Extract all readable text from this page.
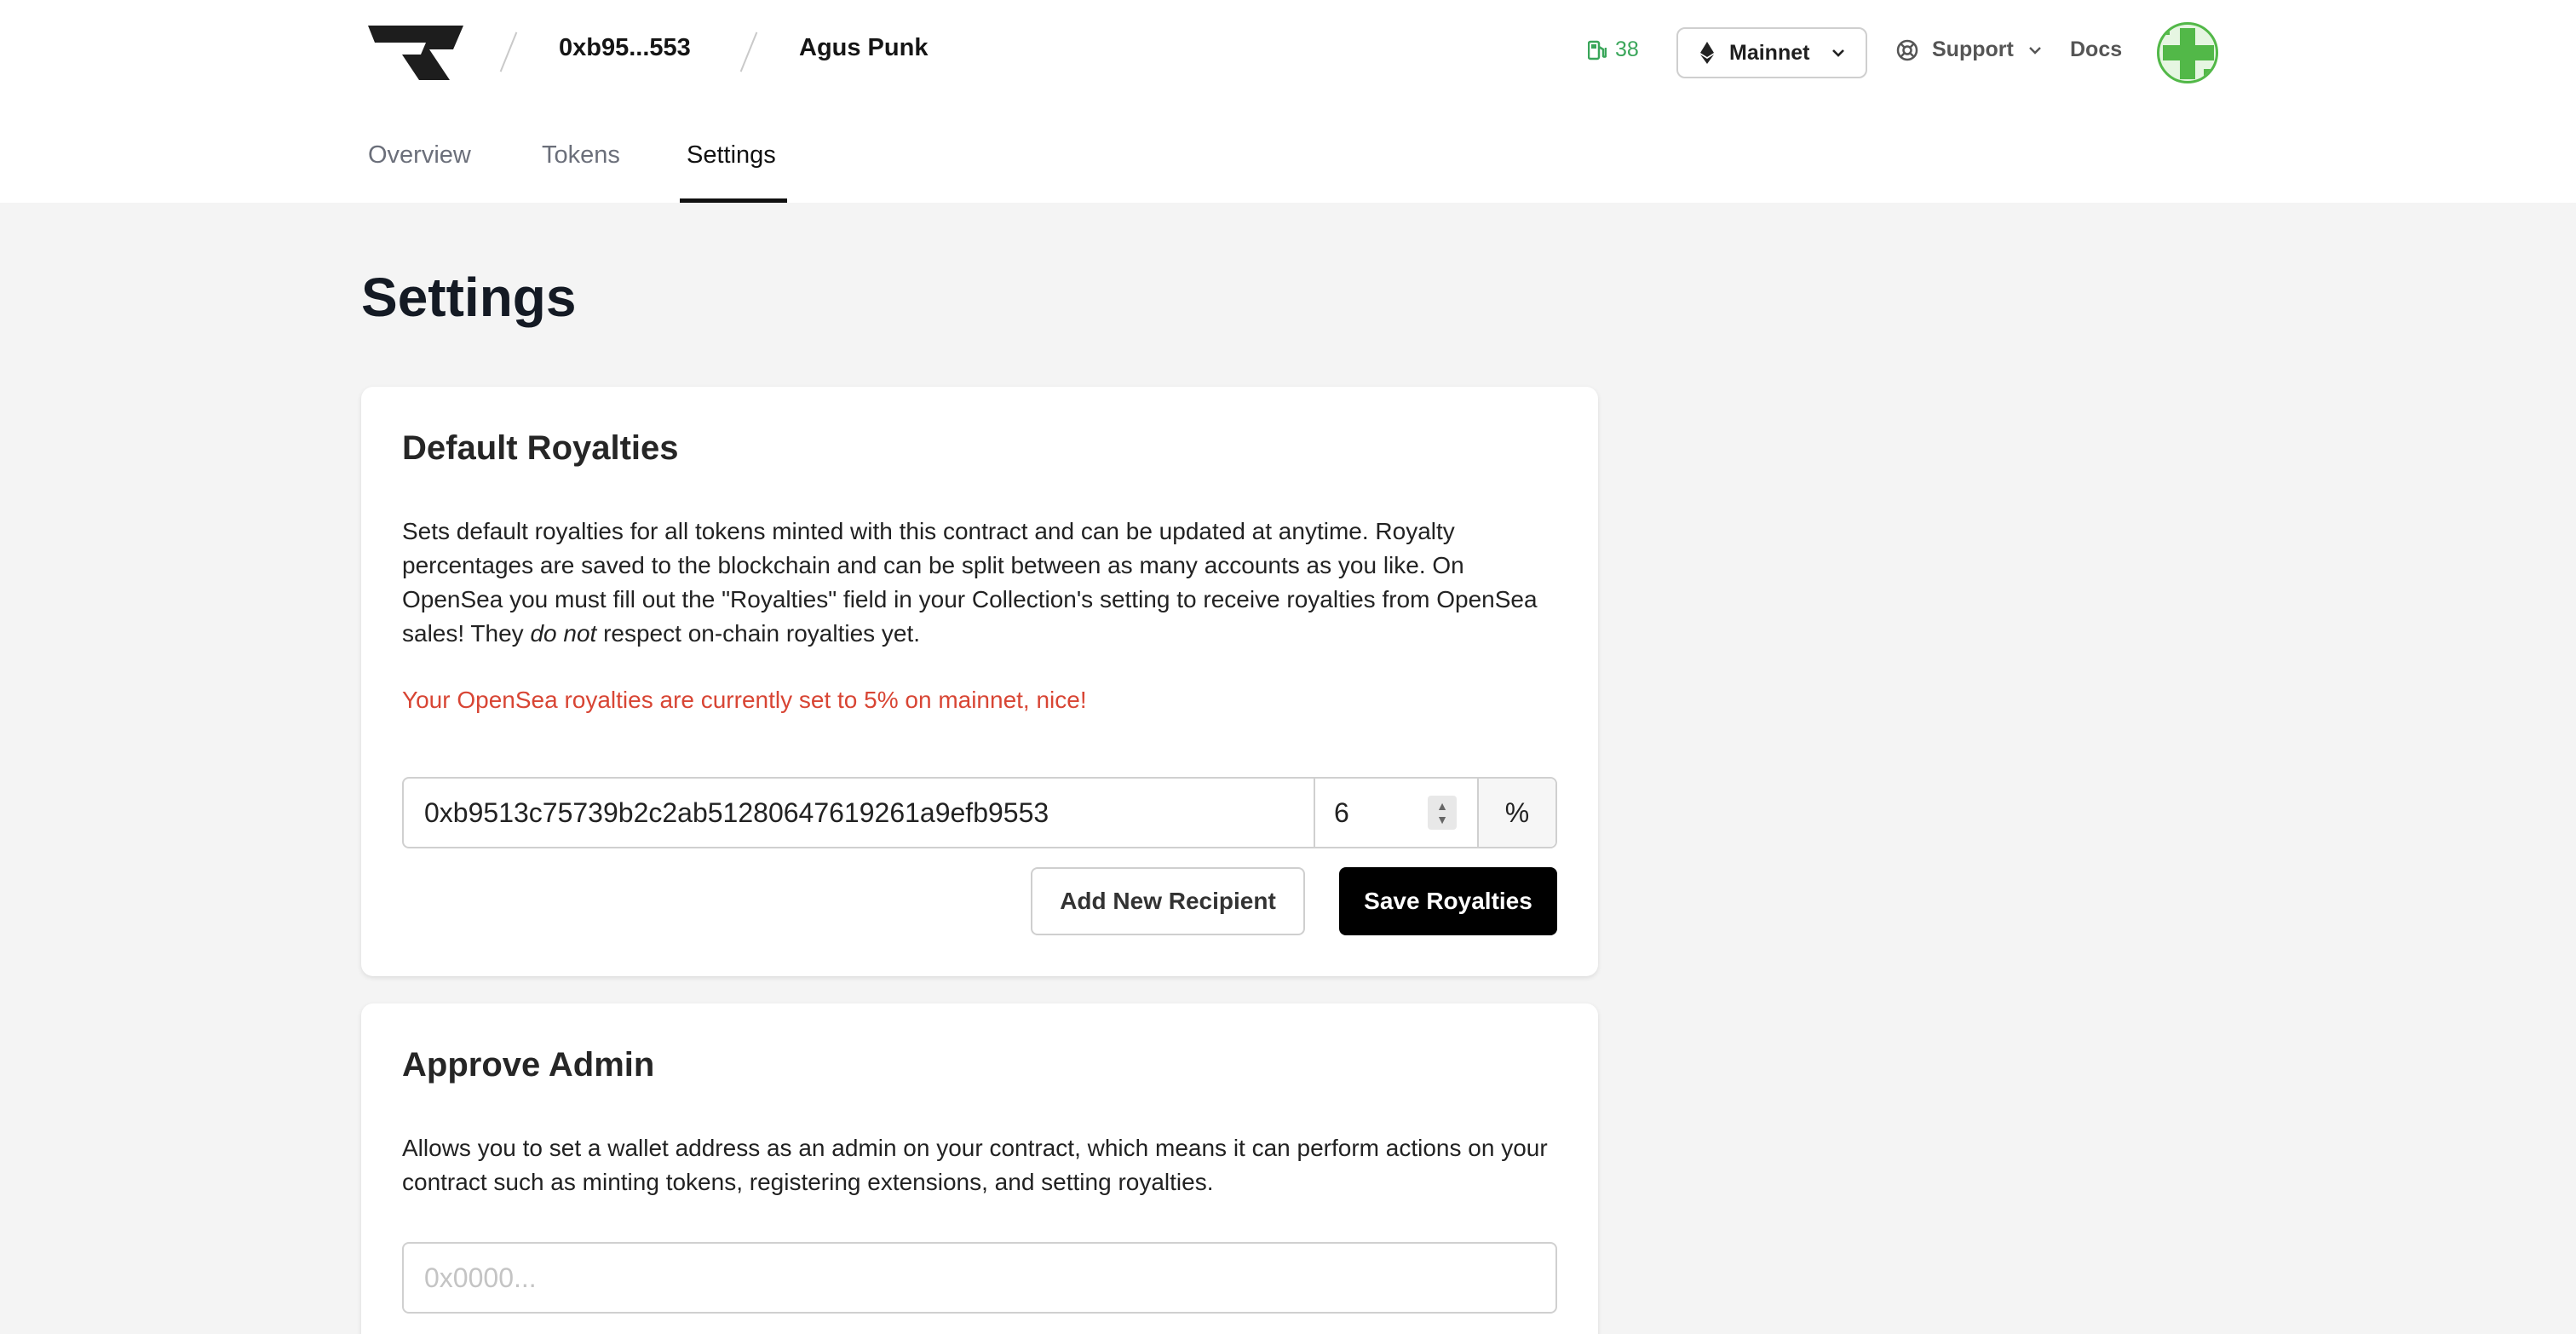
0xb95...553	Agus Punk	38	Mainnet	Support	Docs
Overview	Tokens	Settings
Settings
Default Royalties

Sets default royalties for all tokens minted with this contract and can be updated at anytime. Royalty percentages are saved to the blockchain and can be split between as many accounts as you like. On OpenSea you must fill out the "Royalties" field in your Collection's setting to receive royalties from OpenSea sales! They do not respect on-chain royalties yet.

Your OpenSea royalties are currently set to 5% on mainnet, nice!
0xb9513c75739b2c2ab51280647619261a9efb9553
6
▲
▼	%
Add New Recipient	Save Royalties
Approve Admin

Allows you to set a wallet address as an admin on your contract, which means it can perform actions on your contract such as minting tokens, registering extensions, and setting royalties.

0x0000...
